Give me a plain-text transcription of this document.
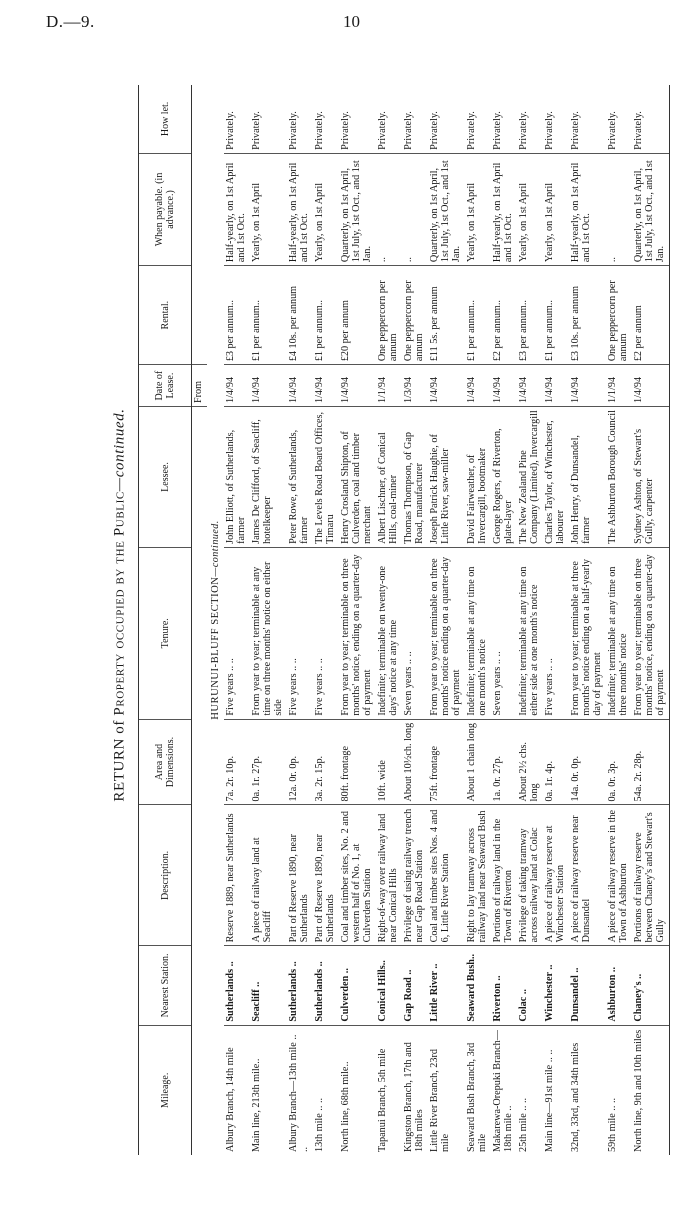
D.—9.	10
RETURN of Property occupied by the Public—continued.
Mileage.	Nearest Station.	Description.	Area and Dimensions.	Tenure.	Lessee.	Date of Lease.	Rental.	When payable. (in advance.)	How let.
						From			
HURUNUI-BLUFF SECTION—continued.									
Albury Branch, 14th mile	Sutherlands ..	Reserve 1889, near Sutherlands	7a. 2r. 10p.	Five years .. ..	John Elliott, of Sutherlands, farmer	1/4/94	£3 per annum..	Half-yearly, on 1st April and 1st Oct.	Privately.
Main line, 213th mile..	Seacliff ..	A piece of railway land at Seacliff	0a. 1r. 27p.	From year to year; terminable at any time on three months' notice on either side	James De Clifford, of Seacliff, hotelkeeper	1/4/94	£1 per annum..	Yearly, on 1st April	Privately.
Albury Branch—13th mile .. ..	Sutherlands ..	Part of Reserve 1890, near Sutherlands	12a. 0r. 0p.	Five years .. ..	Peter Rowe, of Sutherlands, farmer	1/4/94	£4 10s. per annum	Half-yearly, on 1st April and 1st Oct.	Privately.
13th mile .. ..	Sutherlands ..	Part of Reserve 1890, near Sutherlands	3a. 2r. 15p.	Five years .. ..	The Levels Road Board Offices, Timaru	1/4/94	£1 per annum..	Yearly, on 1st April	Privately.
North line, 68th mile..	Culverden ..	Coal and timber sites, No. 2 and western half of No. 1, at Culverden Station	80ft. frontage	From year to year; terminable on three months' notice, ending on a quarter-day of payment	Henry Crosland Shipton, of Culverden, coal and timber merchant	1/4/94	£20 per annum	Quarterly, on 1st April, 1st July, 1st Oct., and 1st Jan.	Privately.
Tapanui Branch, 5th mile	Conical Hills..	Right-of-way over railway land near Conical Hills	10ft. wide	Indefinite; terminable on twenty-one days' notice at any time	Albert Lischner, of Conical Hills, coal-miner	1/1/94	One peppercorn per annum	..	Privately.
Kingston Branch, 17th and 18th miles	Gap Road ..	Privilege of using railway trench near Gap Road Station	About 10½ch. long	Seven years .. ..	Thomas Thompson, of Gap Road, manufacturer	1/3/94	One peppercorn per annum	..	Privately.
Little River Branch, 23rd mile	Little River ..	Coal and timber sites Nos. 4 and 6, Little River Station	75ft. frontage	From year to year; terminable on three months' notice ending on a quarter-day of payment	Joseph Patrick Haughie, of Little River, saw-miller	1/4/94	£11 5s. per annum	Quarterly, on 1st April, 1st July, 1st Oct., and 1st Jan.	Privately.
Seaward Bush Branch, 3rd mile	Seaward Bush..	Right to lay tramway across railway land near Seaward Bush	About 1 chain long	Indefinite; terminable at any time on one month's notice	David Fairweather, of Invercargill, bootmaker	1/4/94	£1 per annum..	Yearly, on 1st April	Privately.
Makarewa-Orepuki Branch—18th mile ..	Riverton ..	Portions of railway land in the Town of Riverton	1a. 0r. 27p.	Seven years .. ..	George Rogers, of Riverton, plate-layer	1/4/94	£2 per annum..	Half-yearly, on 1st April and 1st Oct.	Privately.
25th mile .. ..	Colac ..	Privilege of taking tramway across railway land at Colac	About 2½ chs. long	Indefinite; terminable at any time on either side at one month's notice	The New Zealand Pine Company (Limited), Invercargill	1/4/94	£3 per annum..	Yearly, on 1st April	Privately.
Main line—91st mile .. ..	Winchester ..	A piece of railway reserve at Winchester Station	0a. 1r. 4p.	Five years .. ..	Charles Taylor, of Winchester, labourer	1/4/94	£1 per annum..	Yearly, on 1st April	Privately.
32nd, 33rd, and 34th miles	Dunsandel ..	A piece of railway reserve near Dunsandel	14a. 0r. 0p.	From year to year; terminable at three months' notice ending on a half-yearly day of payment	John Henry, of Dunsandel, farmer	1/4/94	£3 10s. per annum	Half-yearly, on 1st April and 1st Oct.	Privately.
59th mile .. ..	Ashburton ..	A piece of railway reserve in the Town of Ashburton	0a. 0r. 3p.	Indefinite; terminable at any time on three months' notice	The Ashburton Borough Council	1/1/94	One peppercorn per annum	..	Privately.
North line, 9th and 10th miles	Chaney's ..	Portions of railway reserve between Chaney's and Stewart's Gully	54a. 2r. 28p.	From year to year; terminable on three months' notice, ending on a quarter-day of payment	Sydney Ashton, of Stewart's Gully, carpenter	1/4/94	£2 per annum	Quarterly, on 1st April, 1st July, 1st Oct., and 1st Jan.	Privately.
